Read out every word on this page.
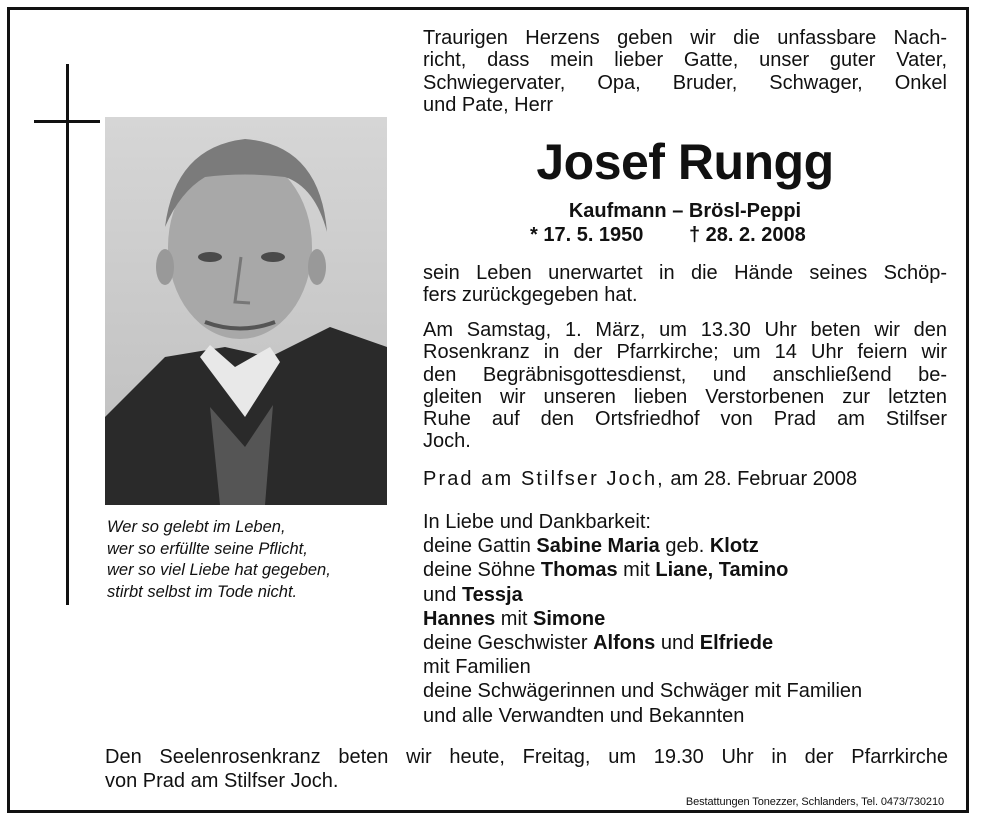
Wer so gelebt im Leben,
wer so erfüllte seine Pflicht,
wer so viel Liebe hat gegeben,
stirbt selbst im Tode nicht.
Traurigen Herzens geben wir die unfassbare Nach-
richt, dass mein lieber Gatte, unser guter Vater,
Schwiegervater, Opa, Bruder, Schwager, Onkel
und Pate, Herr
Josef Rungg
Kaufmann – Brösl-Peppi
* 17. 5. 1950 † 28. 2. 2008
sein Leben unerwartet in die Hände seines Schöp-
fers zurückgegeben hat.
Am Samstag, 1. März, um 13.30 Uhr beten wir den
Rosenkranz in der Pfarrkirche; um 14 Uhr feiern wir
den Begräbnisgottesdienst, und anschließend be-
gleiten wir unseren lieben Verstorbenen zur letzten
Ruhe auf den Ortsfriedhof von Prad am Stilfser
Joch.
Prad am Stilfser Joch, am 28. Februar 2008
In Liebe und Dankbarkeit:
deine Gattin Sabine Maria geb. Klotz
deine Söhne Thomas mit Liane, Tamino
und Tessja
Hannes mit Simone
deine Geschwister Alfons und Elfriede
mit Familien
deine Schwägerinnen und Schwäger mit Familien
und alle Verwandten und Bekannten
Den Seelenrosenkranz beten wir heute, Freitag, um 19.30 Uhr in der Pfarrkirche
von Prad am Stilfser Joch.
Bestattungen Tonezzer, Schlanders, Tel. 0473/730210
